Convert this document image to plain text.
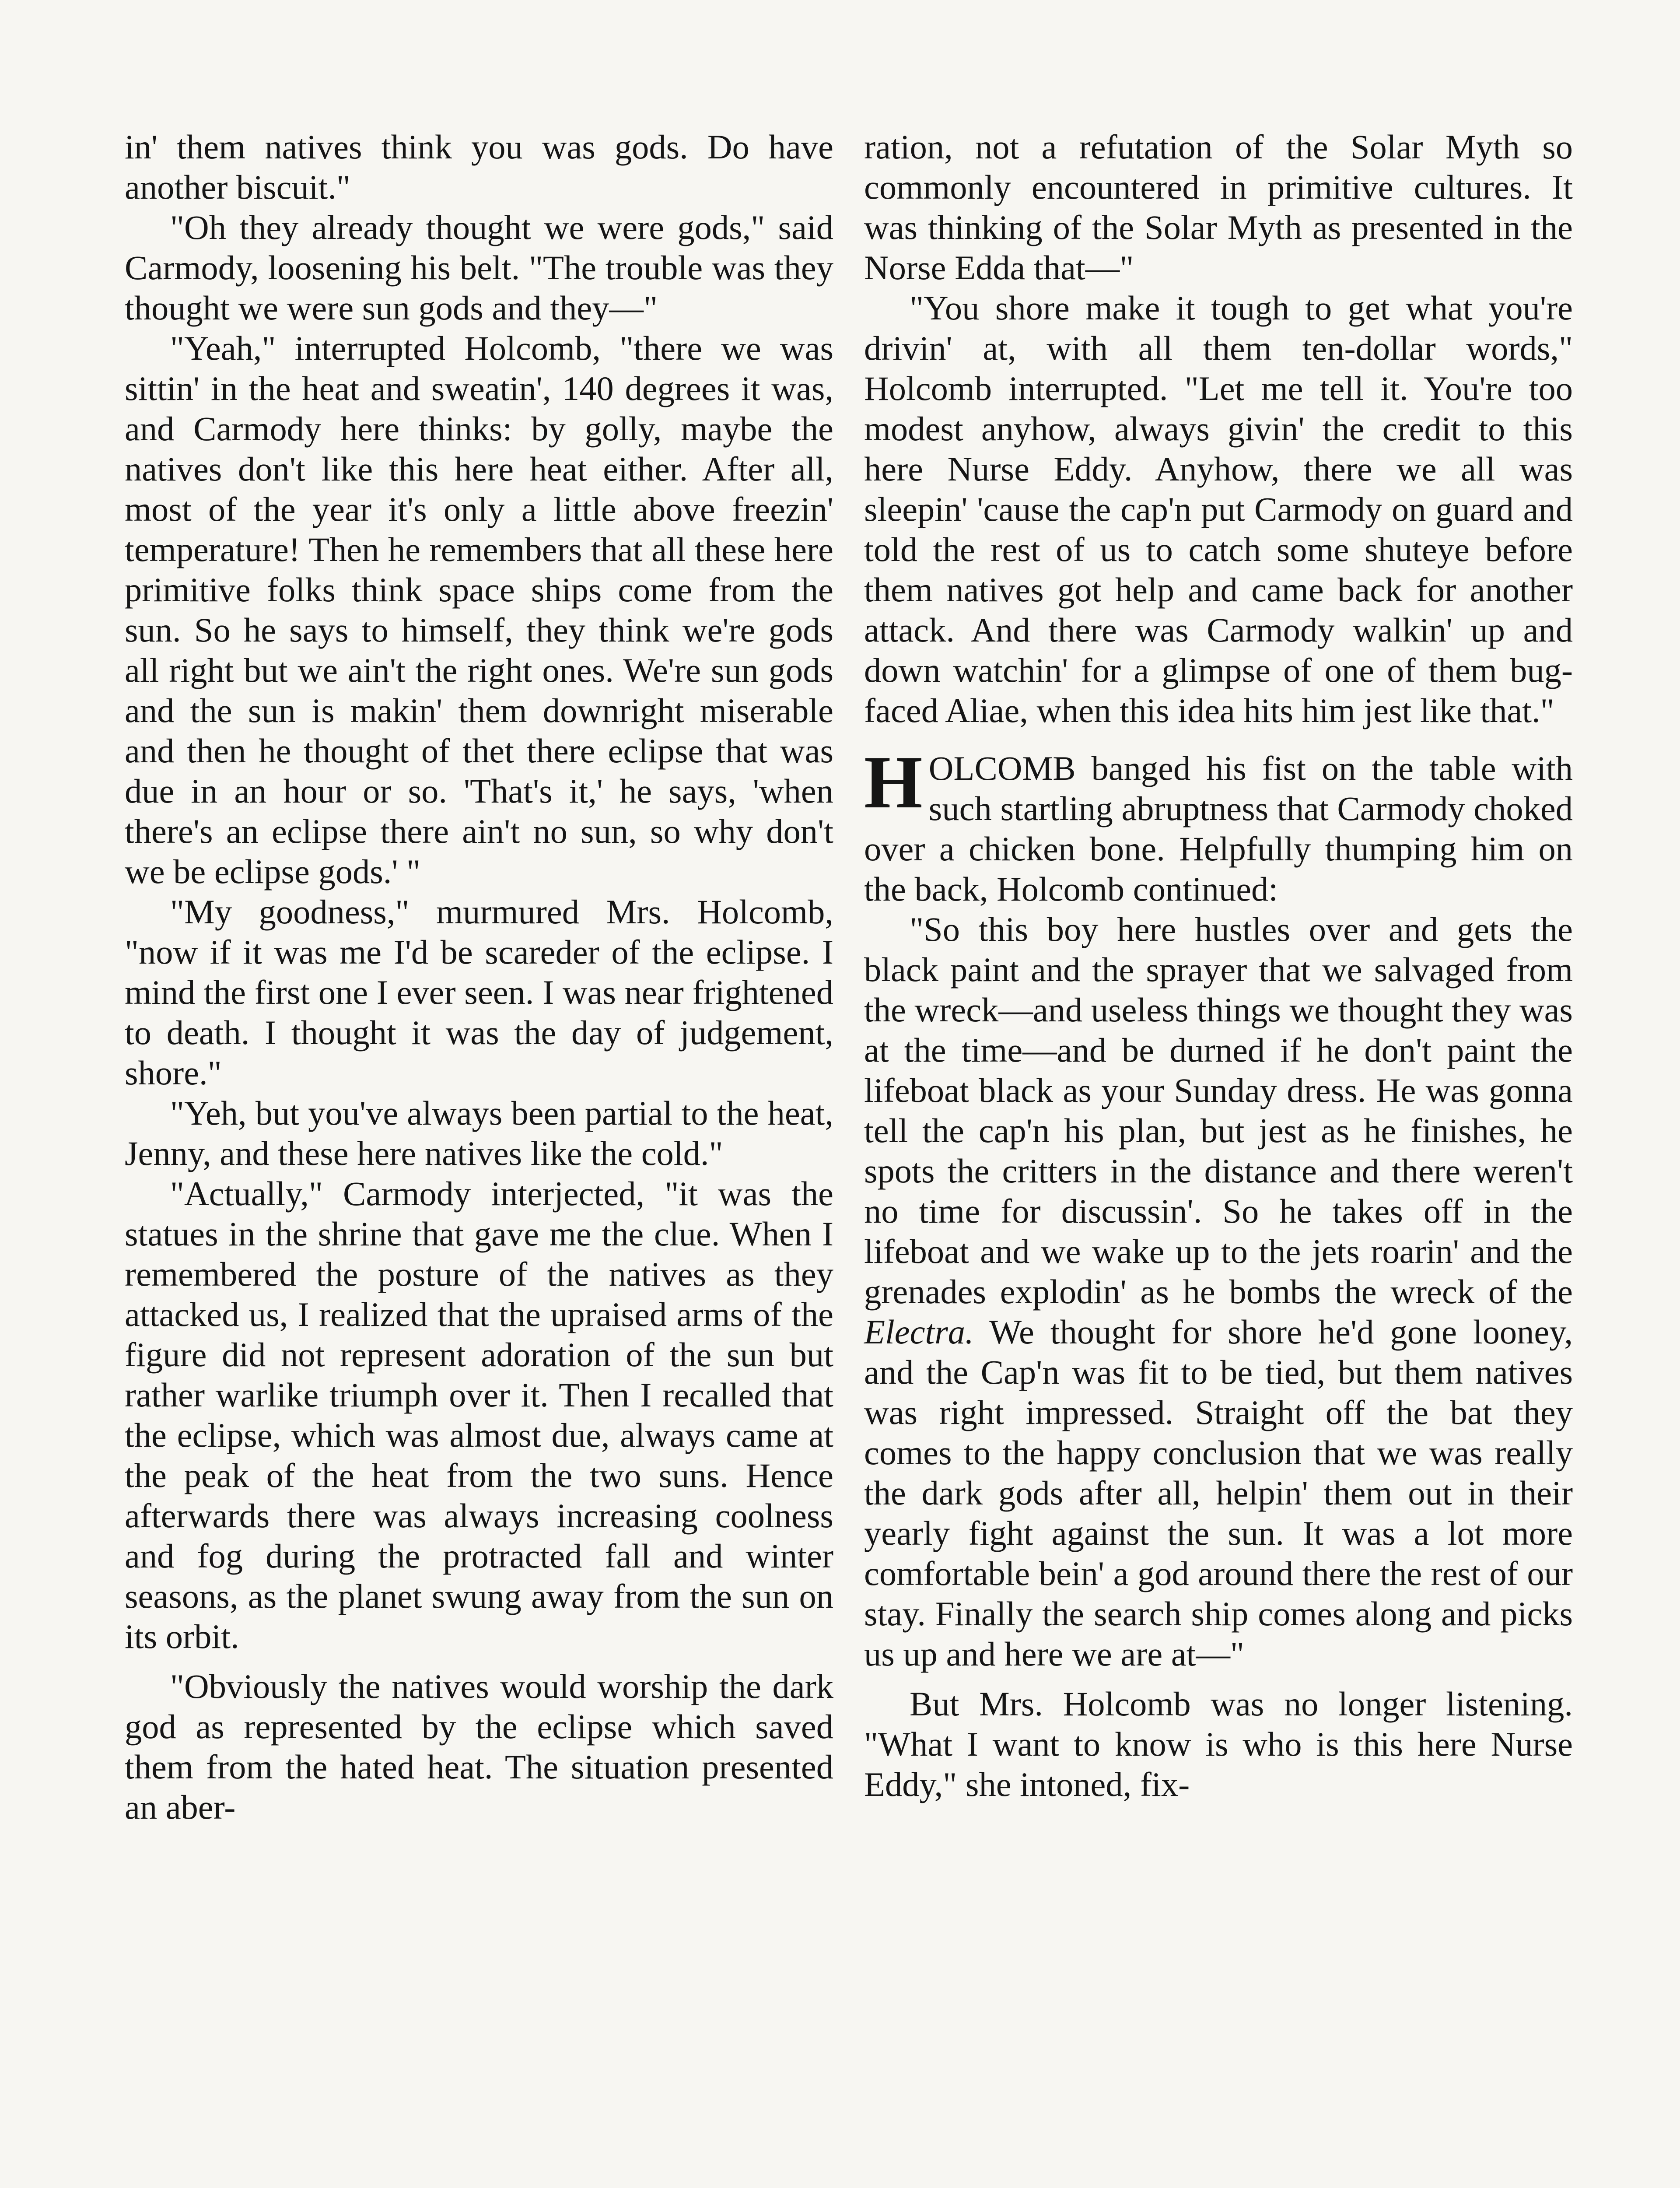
in' them natives think you was gods. Do have another biscuit."

"Oh they already thought we were gods," said Carmody, loosening his belt. "The trouble was they thought we were sun gods and they—"

"Yeah," interrupted Holcomb, "there we was sittin' in the heat and sweatin', 140 degrees it was, and Carmody here thinks: by golly, maybe the natives don't like this here heat either. After all, most of the year it's only a little above freezin' temperature! Then he remembers that all these here primitive folks think space ships come from the sun. So he says to himself, they think we're gods all right but we ain't the right ones. We're sun gods and the sun is makin' them downright miserable and then he thought of thet there eclipse that was due in an hour or so. 'That's it,' he says, 'when there's an eclipse there ain't no sun, so why don't we be eclipse gods.' "

"My goodness," murmured Mrs. Holcomb, "now if it was me I'd be scareder of the eclipse. I mind the first one I ever seen. I was near frightened to death. I thought it was the day of judgement, shore."

"Yeh, but you've always been partial to the heat, Jenny, and these here natives like the cold."

"Actually," Carmody interjected, "it was the statues in the shrine that gave me the clue. When I remembered the posture of the natives as they attacked us, I realized that the upraised arms of the figure did not represent adoration of the sun but rather warlike triumph over it. Then I recalled that the eclipse, which was almost due, always came at the peak of the heat from the two suns. Hence afterwards there was always increasing coolness and fog during the protracted fall and winter seasons, as the planet swung away from the sun on its orbit.

"Obviously the natives would worship the dark god as represented by the eclipse which saved them from the hated heat. The situation presented an aber-

ration, not a refutation of the Solar Myth so commonly encountered in primitive cultures. It was thinking of the Solar Myth as presented in the Norse Edda that—"

"You shore make it tough to get what you're drivin' at, with all them ten-dollar words," Holcomb interrupted. "Let me tell it. You're too modest anyhow, always givin' the credit to this here Nurse Eddy. Anyhow, there we all was sleepin' 'cause the cap'n put Carmody on guard and told the rest of us to catch some shuteye before them natives got help and came back for another attack. And there was Carmody walkin' up and down watchin' for a glimpse of one of them bug-faced Aliae, when this idea hits him jest like that."

HOLCOMB banged his fist on the table with such startling abruptness that Carmody choked over a chicken bone. Helpfully thumping him on the back, Holcomb continued:

"So this boy here hustles over and gets the black paint and the sprayer that we salvaged from the wreck—and useless things we thought they was at the time—and be durned if he don't paint the lifeboat black as your Sunday dress. He was gonna tell the cap'n his plan, but jest as he finishes, he spots the critters in the distance and there weren't no time for discussin'. So he takes off in the lifeboat and we wake up to the jets roarin' and the grenades explodin' as he bombs the wreck of the Electra. We thought for shore he'd gone looney, and the Cap'n was fit to be tied, but them natives was right impressed. Straight off the bat they comes to the happy conclusion that we was really the dark gods after all, helpin' them out in their yearly fight against the sun. It was a lot more comfortable bein' a god around there the rest of our stay. Finally the search ship comes along and picks us up and here we are at—"

But Mrs. Holcomb was no longer listening. "What I want to know is who is this here Nurse Eddy," she intoned, fix-
